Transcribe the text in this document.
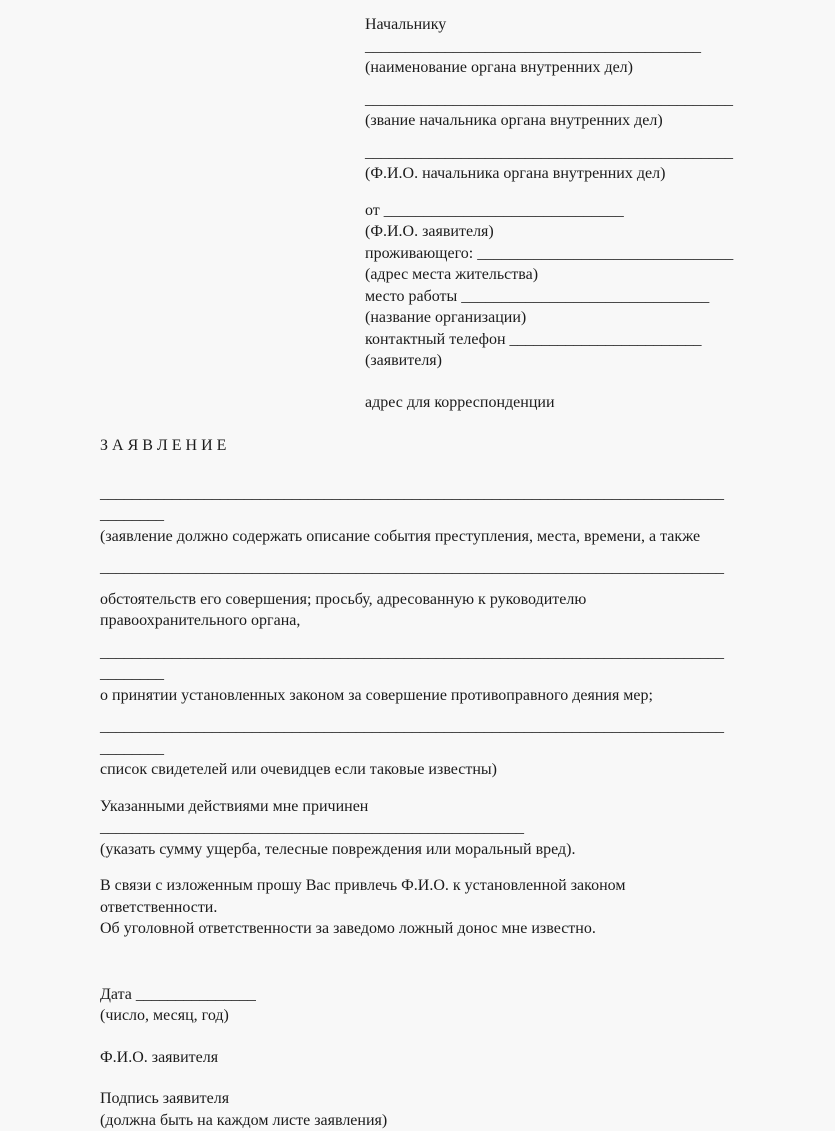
Начальнику
__________________________________________
(наименование органа внутренних дел)
______________________________________________
(звание начальника органа внутренних дел)
______________________________________________
(Ф.И.О. начальника органа внутренних дел)
от ______________________________
(Ф.И.О. заявителя)
проживающего: ________________________________
(адрес места жительства)
место работы _______________________________
(название организации)
контактный телефон ________________________
(заявителя)
адрес для корреспонденции
З А Я В Л Е Н И Е
______________________________________________________________________________
________
(заявление должно содержать описание события преступления, места, времени, а также
______________________________________________________________________________
обстоятельств его совершения; просьбу, адресованную к руководителю
правоохранительного органа,
______________________________________________________________________________
________
о принятии установленных законом за совершение противоправного деяния мер;
______________________________________________________________________________
________
список свидетелей или очевидцев если таковые известны)
Указанными действиями мне причинен
_____________________________________________________
(указать сумму ущерба, телесные повреждения или моральный вред).
В связи с изложенным прошу Вас привлечь Ф.И.О. к установленной законом
ответственности.
Об уголовной ответственности за заведомо ложный донос мне известно.
Дата _______________
(число, месяц, год)
Ф.И.О. заявителя
Подпись заявителя
(должна быть на каждом листе заявления)
